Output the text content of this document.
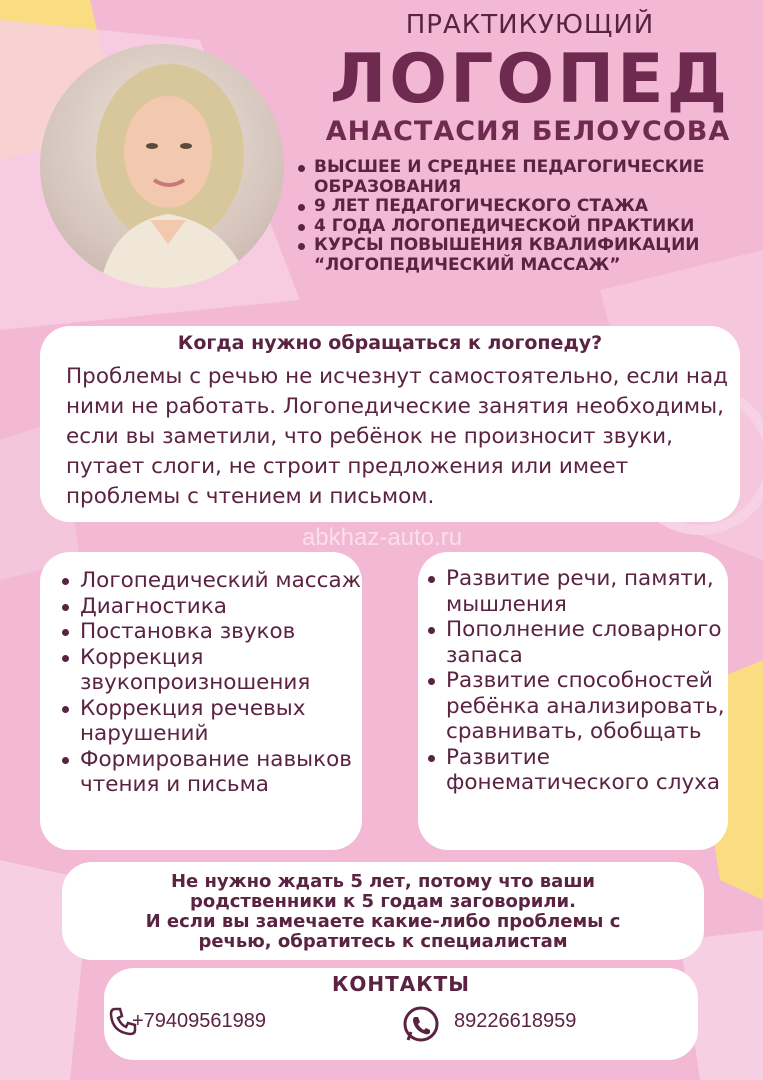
ПРАКТИКУЮЩИЙ
ЛОГОПЕД
АНАСТАСИЯ БЕЛОУСОВА
ВЫСШЕЕ И СРЕДНЕЕ ПЕДАГОГИЧЕСКИЕ ОБРАЗОВАНИЯ
9 ЛЕТ ПЕДАГОГИЧЕСКОГО СТАЖА
4 ГОДА ЛОГОПЕДИЧЕСКОЙ ПРАКТИКИ
КУРСЫ ПОВЫШЕНИЯ КВАЛИФИКАЦИИ “ЛОГОПЕДИЧЕСКИЙ МАССАЖ”
Когда нужно обращаться к логопеду?
Проблемы с речью не исчезнут самостоятельно, если над ними не работать. Логопедические занятия необходимы, если вы заметили, что ребёнок не произносит звуки, путает слоги, не строит предложения или имеет проблемы с чтением и письмом.
abkhaz-auto.ru
Логопедический массаж
Диагностика
Постановка звуков
Коррекция звукопроизношения
Коррекция речевых нарушений
Формирование навыков чтения и письма
Развитие речи, памяти, мышления
Пополнение словарного запаса
Развитие способностей ребёнка анализировать, сравнивать, обобщать
Развитие фонематического слуха
Не нужно ждать 5 лет, потому что ваши
родственники к 5 годам заговорили.
И если вы замечаете какие-либо проблемы с
речью, обратитесь к специалистам
КОНТАКТЫ
+79409561989	89226618959
